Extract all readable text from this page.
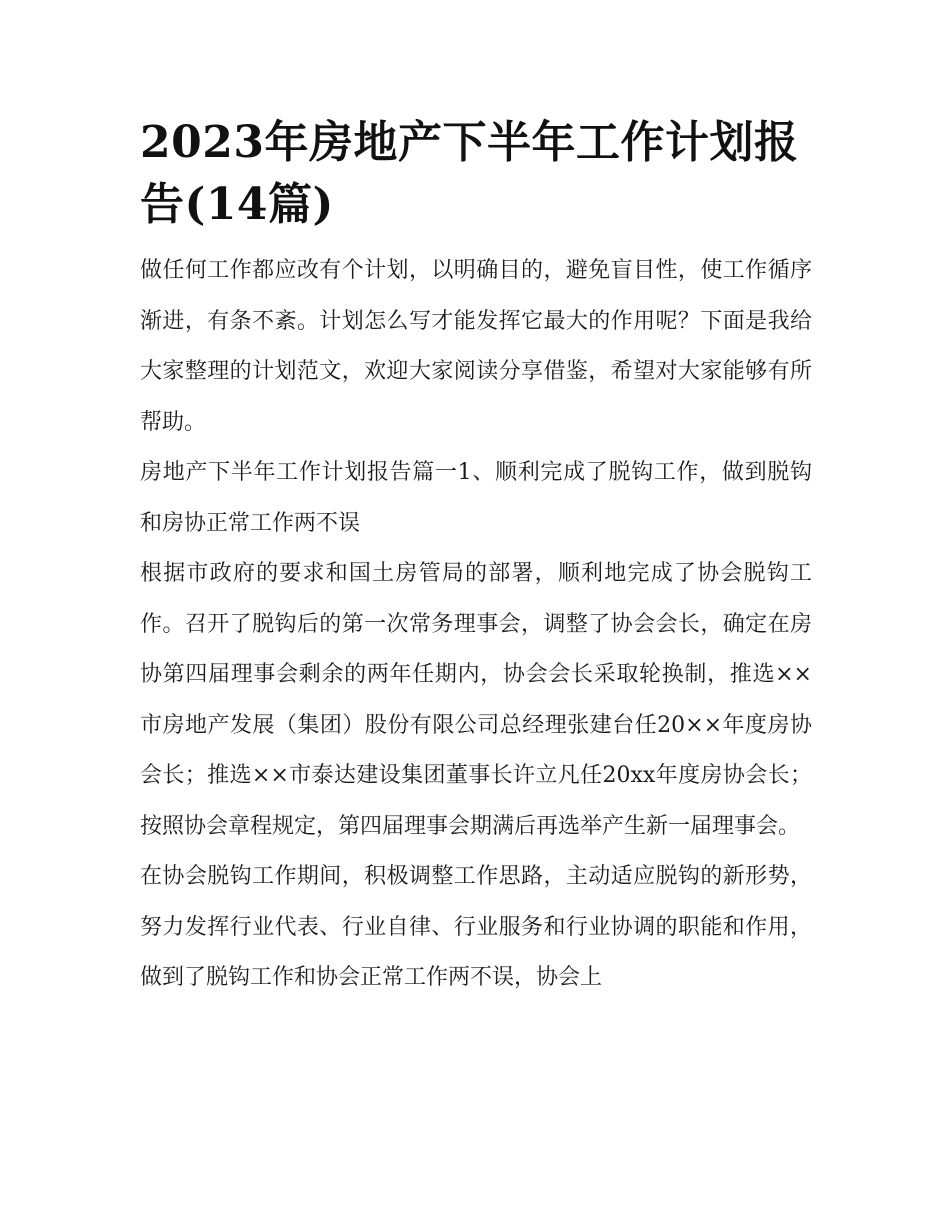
2023年房地产下半年工作计划报告(14篇)

做任何工作都应改有个计划，以明确目的，避免盲目性，使工作循序渐进，有条不紊。计划怎么写才能发挥它最大的作用呢？下面是我给大家整理的计划范文，欢迎大家阅读分享借鉴，希望对大家能够有所帮助。

房地产下半年工作计划报告篇一1、顺利完成了脱钩工作，做到脱钩和房协正常工作两不误

根据市政府的要求和国土房管局的部署，顺利地完成了协会脱钩工作。召开了脱钩后的第一次常务理事会，调整了协会会长，确定在房协第四届理事会剩余的两年任期内，协会会长采取轮换制，推选××市房地产发展（集团）股份有限公司总经理张建台任20××年度房协会长；推选××市泰达建设集团董事长许立凡任20xx年度房协会长；按照协会章程规定，第四届理事会期满后再选举产生新一届理事会。

在协会脱钩工作期间，积极调整工作思路，主动适应脱钩的新形势，努力发挥行业代表、行业自律、行业服务和行业协调的职能和作用，做到了脱钩工作和协会正常工作两不误，协会上
